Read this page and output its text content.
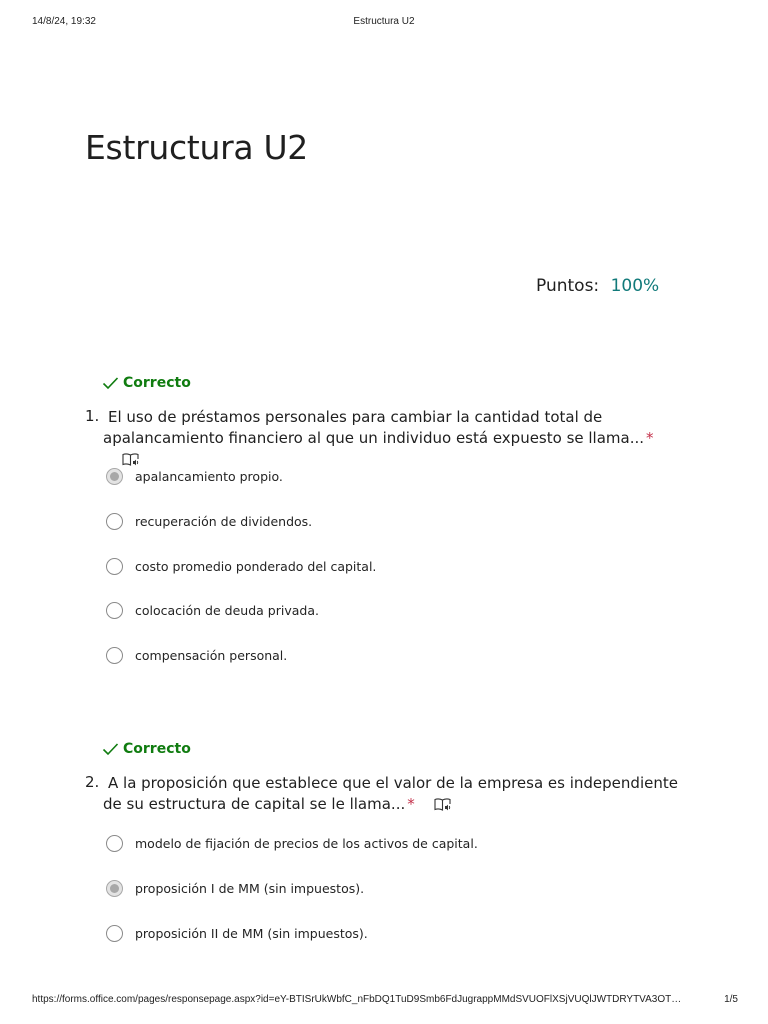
14/8/24, 19:32	Estructura U2
Estructura U2
Puntos: 100%
Correcto
1. El uso de préstamos personales para cambiar la cantidad total de apalancamiento financiero al que un individuo está expuesto se llama... *
apalancamiento propio.
recuperación de dividendos.
costo promedio ponderado del capital.
colocación de deuda privada.
compensación personal.
Correcto
2. A la proposición que establece que el valor de la empresa es independiente de su estructura de capital se le llama... *
modelo de fijación de precios de los activos de capital.
proposición I de MM (sin impuestos).
proposición II de MM (sin impuestos).
https://forms.office.com/pages/responsepage.aspx?id=eY-BTISrUkWbfC_nFbDQ1TuD9Smb6FdJugrappMMdSVUOFlXSjVUQlJWTDRYTVA3OT…	1/5
